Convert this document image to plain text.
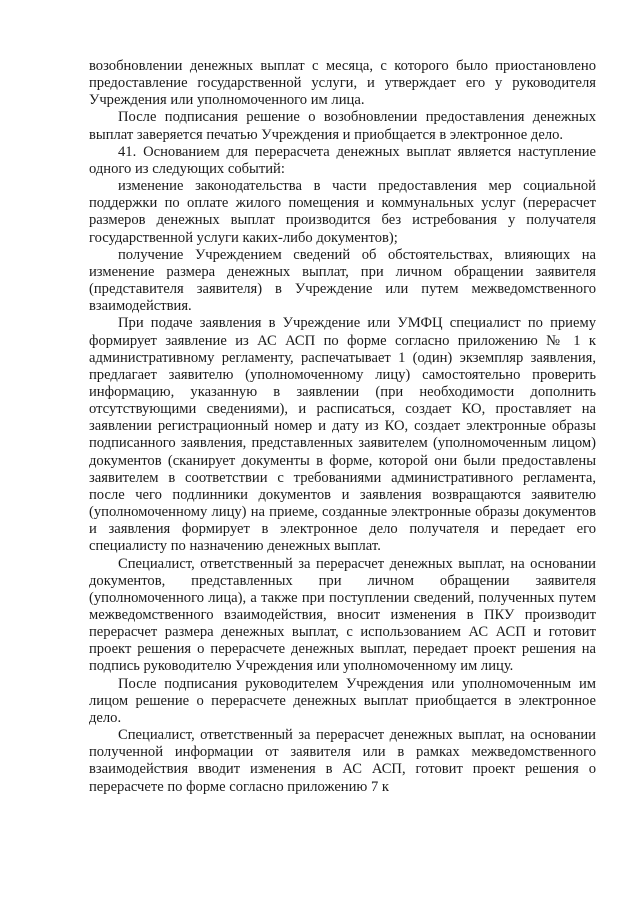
возобновлении денежных выплат с месяца, с которого было приостановлено предоставление государственной услуги, и утверждает его у руководителя Учреждения или уполномоченного им лица.

После подписания решение о возобновлении предоставления денежных выплат заверяется печатью Учреждения и приобщается в электронное дело.

41. Основанием для перерасчета денежных выплат является наступление одного из следующих событий:

изменение законодательства в части предоставления мер социальной поддержки по оплате жилого помещения и коммунальных услуг (перерасчет размеров денежных выплат производится без истребования у получателя государственной услуги каких-либо документов);

получение Учреждением сведений об обстоятельствах, влияющих на изменение размера денежных выплат, при личном обращении заявителя (представителя заявителя) в Учреждение или путем межведомственного взаимодействия.

При подаче заявления в Учреждение или УМФЦ специалист по приему формирует заявление из АС АСП по форме согласно приложению № 1 к административному регламенту, распечатывает 1 (один) экземпляр заявления, предлагает заявителю (уполномоченному лицу) самостоятельно проверить информацию, указанную в заявлении (при необходимости дополнить отсутствующими сведениями), и расписаться, создает КО, проставляет на заявлении регистрационный номер и дату из КО, создает электронные образы подписанного заявления, представленных заявителем (уполномоченным лицом) документов (сканирует документы в форме, которой они были предоставлены заявителем в соответствии с требованиями административного регламента, после чего подлинники документов и заявления возвращаются заявителю (уполномоченному лицу) на приеме, созданные электронные образы документов и заявления формирует в электронное дело получателя и передает его специалисту по назначению денежных выплат.

Специалист, ответственный за перерасчет денежных выплат, на основании документов, представленных при личном обращении заявителя (уполномоченного лица), а также при поступлении сведений, полученных путем межведомственного взаимодействия, вносит изменения в ПКУ производит перерасчет размера денежных выплат, с использованием АС АСП и готовит проект решения о перерасчете денежных выплат, передает проект решения на подпись руководителю Учреждения или уполномоченному им лицу.

После подписания руководителем Учреждения или уполномоченным им лицом решение о перерасчете денежных выплат приобщается в электронное дело.

Специалист, ответственный за перерасчет денежных выплат, на основании полученной информации от заявителя или в рамках межведомственного взаимодействия вводит изменения в АС АСП, готовит проект решения о перерасчете по форме согласно приложению 7 к
